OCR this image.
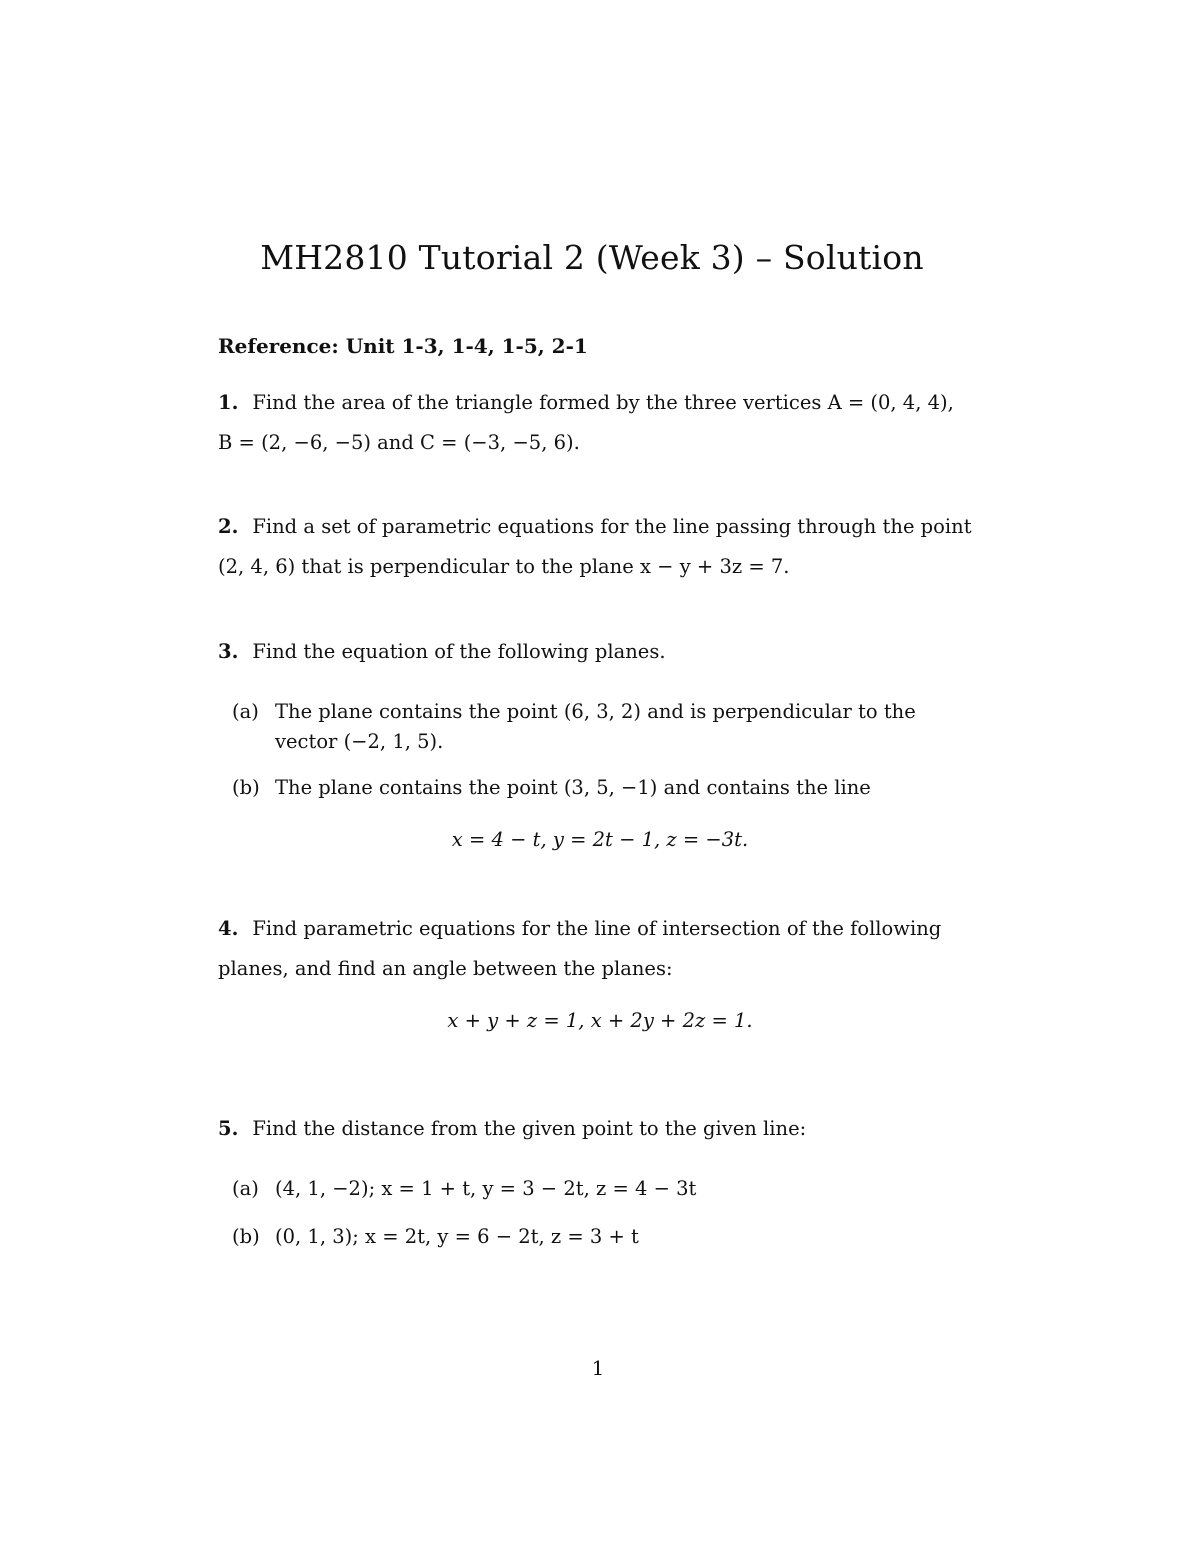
MH2810 Tutorial 2 (Week 3) – Solution
Reference: Unit 1-3, 1-4, 1-5, 2-1
1. Find the area of the triangle formed by the three vertices A = (0, 4, 4),
B = (2, −6, −5) and C = (−3, −5, 6).
2. Find a set of parametric equations for the line passing through the point
(2, 4, 6) that is perpendicular to the plane x − y + 3z = 7.
3. Find the equation of the following planes.
(a) The plane contains the point (6, 3, 2) and is perpendicular to the vector (−2, 1, 5).
(b) The plane contains the point (3, 5, −1) and contains the line
x = 4 − t, y = 2t − 1, z = −3t.
4. Find parametric equations for the line of intersection of the following
planes, and find an angle between the planes:
x + y + z = 1, x + 2y + 2z = 1.
5. Find the distance from the given point to the given line:
(a) (4, 1, −2); x = 1 + t, y = 3 − 2t, z = 4 − 3t
(b) (0, 1, 3); x = 2t, y = 6 − 2t, z = 3 + t
1
